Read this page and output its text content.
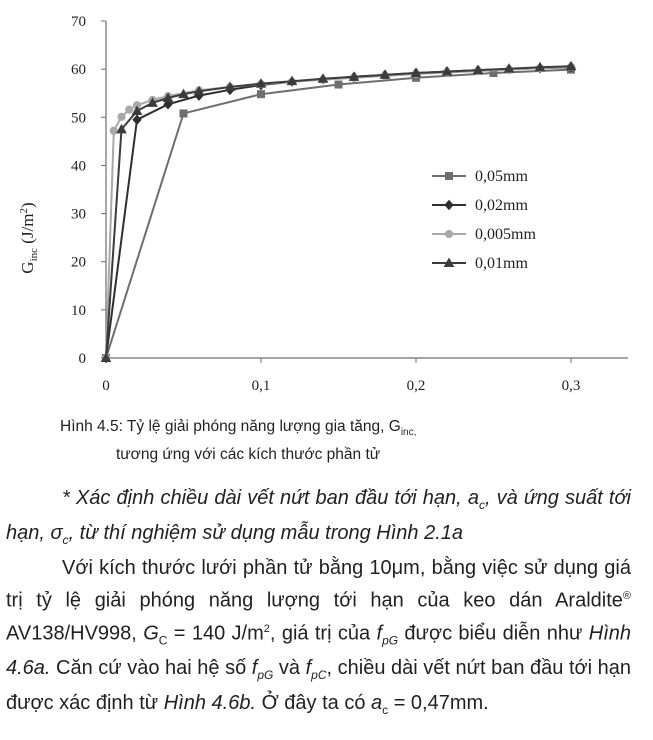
0
10
20
30
40
50
60
70
0	0,1	0,2	0,3
0,05mm
0,02mm
0,005mm
0,01mm
$G_{inc}$ $(J/m^2)$
Hình 4.5: Tỷ lệ giải phóng năng lượng gia tăng, $G_{inc,}$
tương ứng với các kích thước phần tử

* Xác định chiều dài vết nứt ban đầu tới hạn, $a_c$, và ứng suất tới hạn, $\sigma_c$, từ thí nghiệm sử dụng mẫu trong Hình 2.1a

Với kích thước lưới phần tử bằng 10μm, bằng việc sử dụng giá trị tỷ lệ giải phóng năng lượng tới hạn của keo dán Araldite® AV138/HV998, $G_C = 140$ $J/m^2$, giá trị của $f_{pG}$ được biểu diễn như Hình 4.6a. Căn cứ vào hai hệ số $f_{pG}$ và $f_{pC}$, chiều dài vết nứt ban đầu tới hạn được xác định từ Hình 4.6b. Ở đây ta có $a_c = 0,47mm$.
